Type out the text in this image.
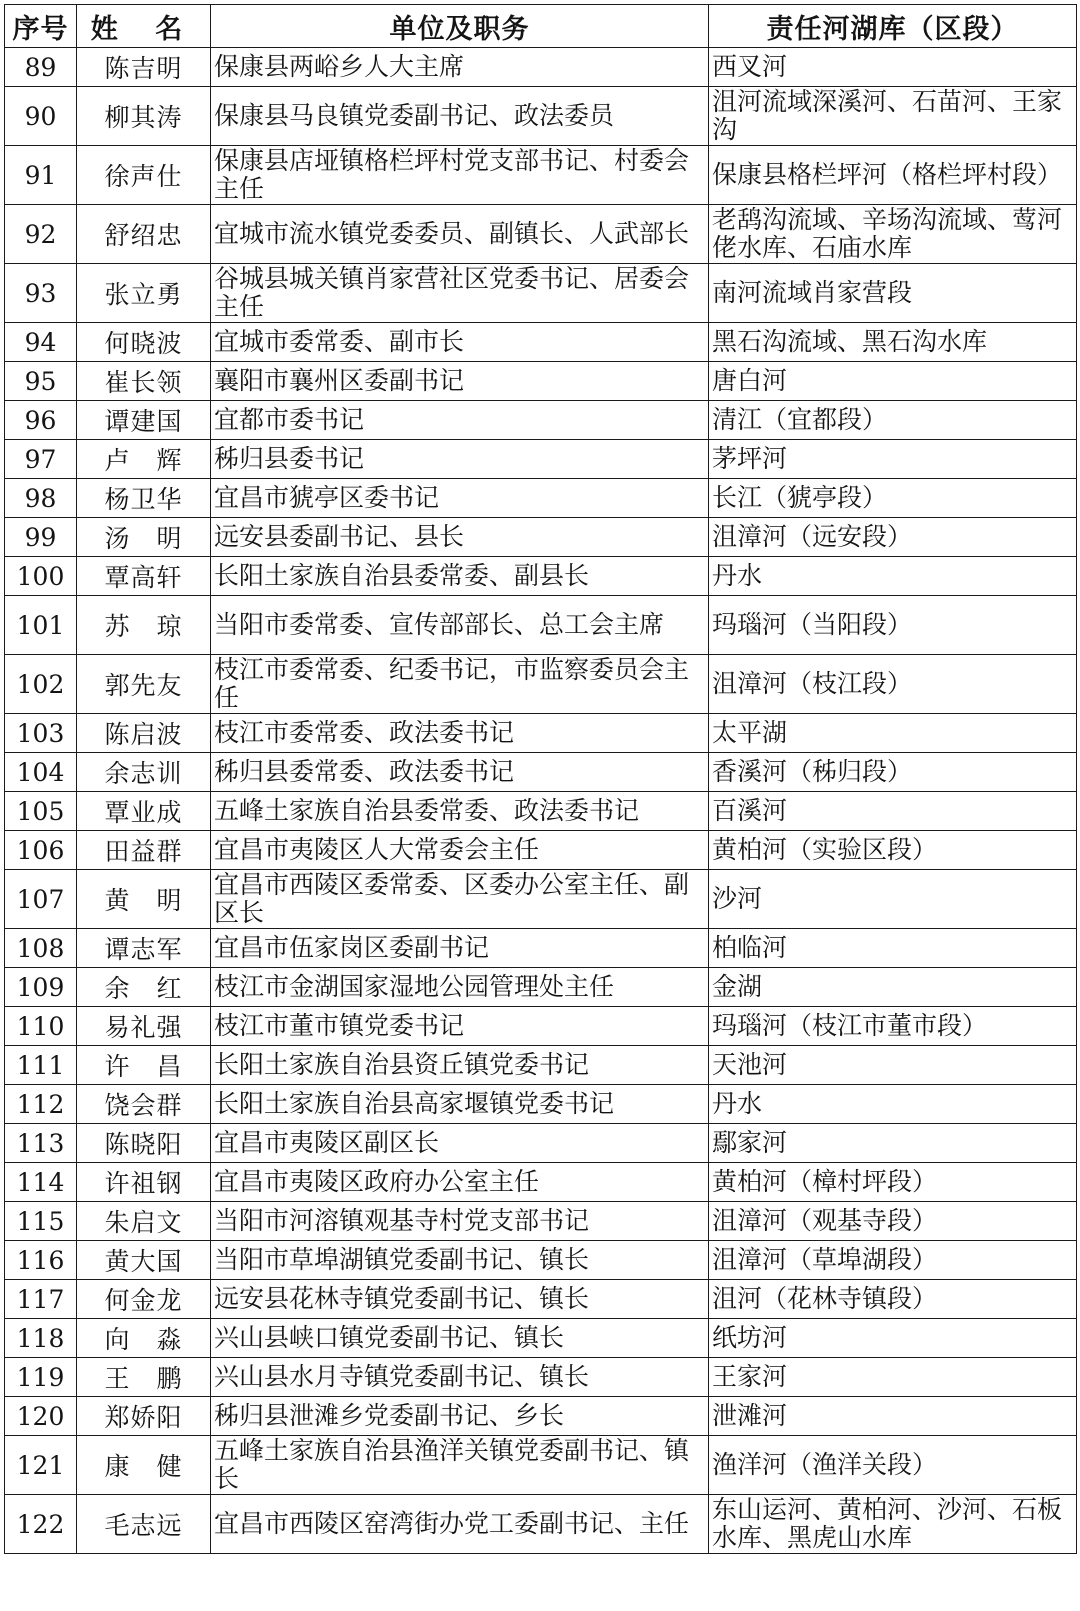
序号	姓 名	单位及职务	责任河湖库（区段）
89	陈吉明	保康县两峪乡人大主席	西叉河
90	柳其涛	保康县马良镇党委副书记、政法委员	沮河流域深溪河、石苗河、王家沟
91	徐声仕	保康县店垭镇格栏坪村党支部书记、村委会主任	保康县格栏坪河（格栏坪村段）
92	舒绍忠	宜城市流水镇党委委员、副镇长、人武部长	老鸹沟流域、辛场沟流域、莺河佬水库、石庙水库
93	张立勇	谷城县城关镇肖家营社区党委书记、居委会主任	南河流域肖家营段
94	何晓波	宜城市委常委、副市长	黑石沟流域、黑石沟水库
95	崔长领	襄阳市襄州区委副书记	唐白河
96	谭建国	宜都市委书记	清江（宜都段）
97	卢　辉	秭归县委书记	茅坪河
98	杨卫华	宜昌市猇亭区委书记	长江（猇亭段）
99	汤　明	远安县委副书记、县长	沮漳河（远安段）
100	覃高轩	长阳土家族自治县委常委、副县长	丹水
101	苏　琼	当阳市委常委、宣传部部长、总工会主席	玛瑙河（当阳段）
102	郭先友	枝江市委常委、纪委书记，市监察委员会主任	沮漳河（枝江段）
103	陈启波	枝江市委常委、政法委书记	太平湖
104	余志训	秭归县委常委、政法委书记	香溪河（秭归段）
105	覃业成	五峰土家族自治县委常委、政法委书记	百溪河
106	田益群	宜昌市夷陵区人大常委会主任	黄柏河（实验区段）
107	黄　明	宜昌市西陵区委常委、区委办公室主任、副区长	沙河
108	谭志军	宜昌市伍家岗区委副书记	柏临河
109	余　红	枝江市金湖国家湿地公园管理处主任	金湖
110	易礼强	枝江市董市镇党委书记	玛瑙河（枝江市董市段）
111	许　昌	长阳土家族自治县资丘镇党委书记	天池河
112	饶会群	长阳土家族自治县高家堰镇党委书记	丹水
113	陈晓阳	宜昌市夷陵区副区长	鄢家河
114	许祖钢	宜昌市夷陵区政府办公室主任	黄柏河（樟村坪段）
115	朱启文	当阳市河溶镇观基寺村党支部书记	沮漳河（观基寺段）
116	黄大国	当阳市草埠湖镇党委副书记、镇长	沮漳河（草埠湖段）
117	何金龙	远安县花林寺镇党委副书记、镇长	沮河（花林寺镇段）
118	向　淼	兴山县峡口镇党委副书记、镇长	纸坊河
119	王　鹏	兴山县水月寺镇党委副书记、镇长	王家河
120	郑娇阳	秭归县泄滩乡党委副书记、乡长	泄滩河
121	康　健	五峰土家族自治县渔洋关镇党委副书记、镇长	渔洋河（渔洋关段）
122	毛志远	宜昌市西陵区窑湾街办党工委副书记、主任	东山运河、黄柏河、沙河、石板水库、黑虎山水库
